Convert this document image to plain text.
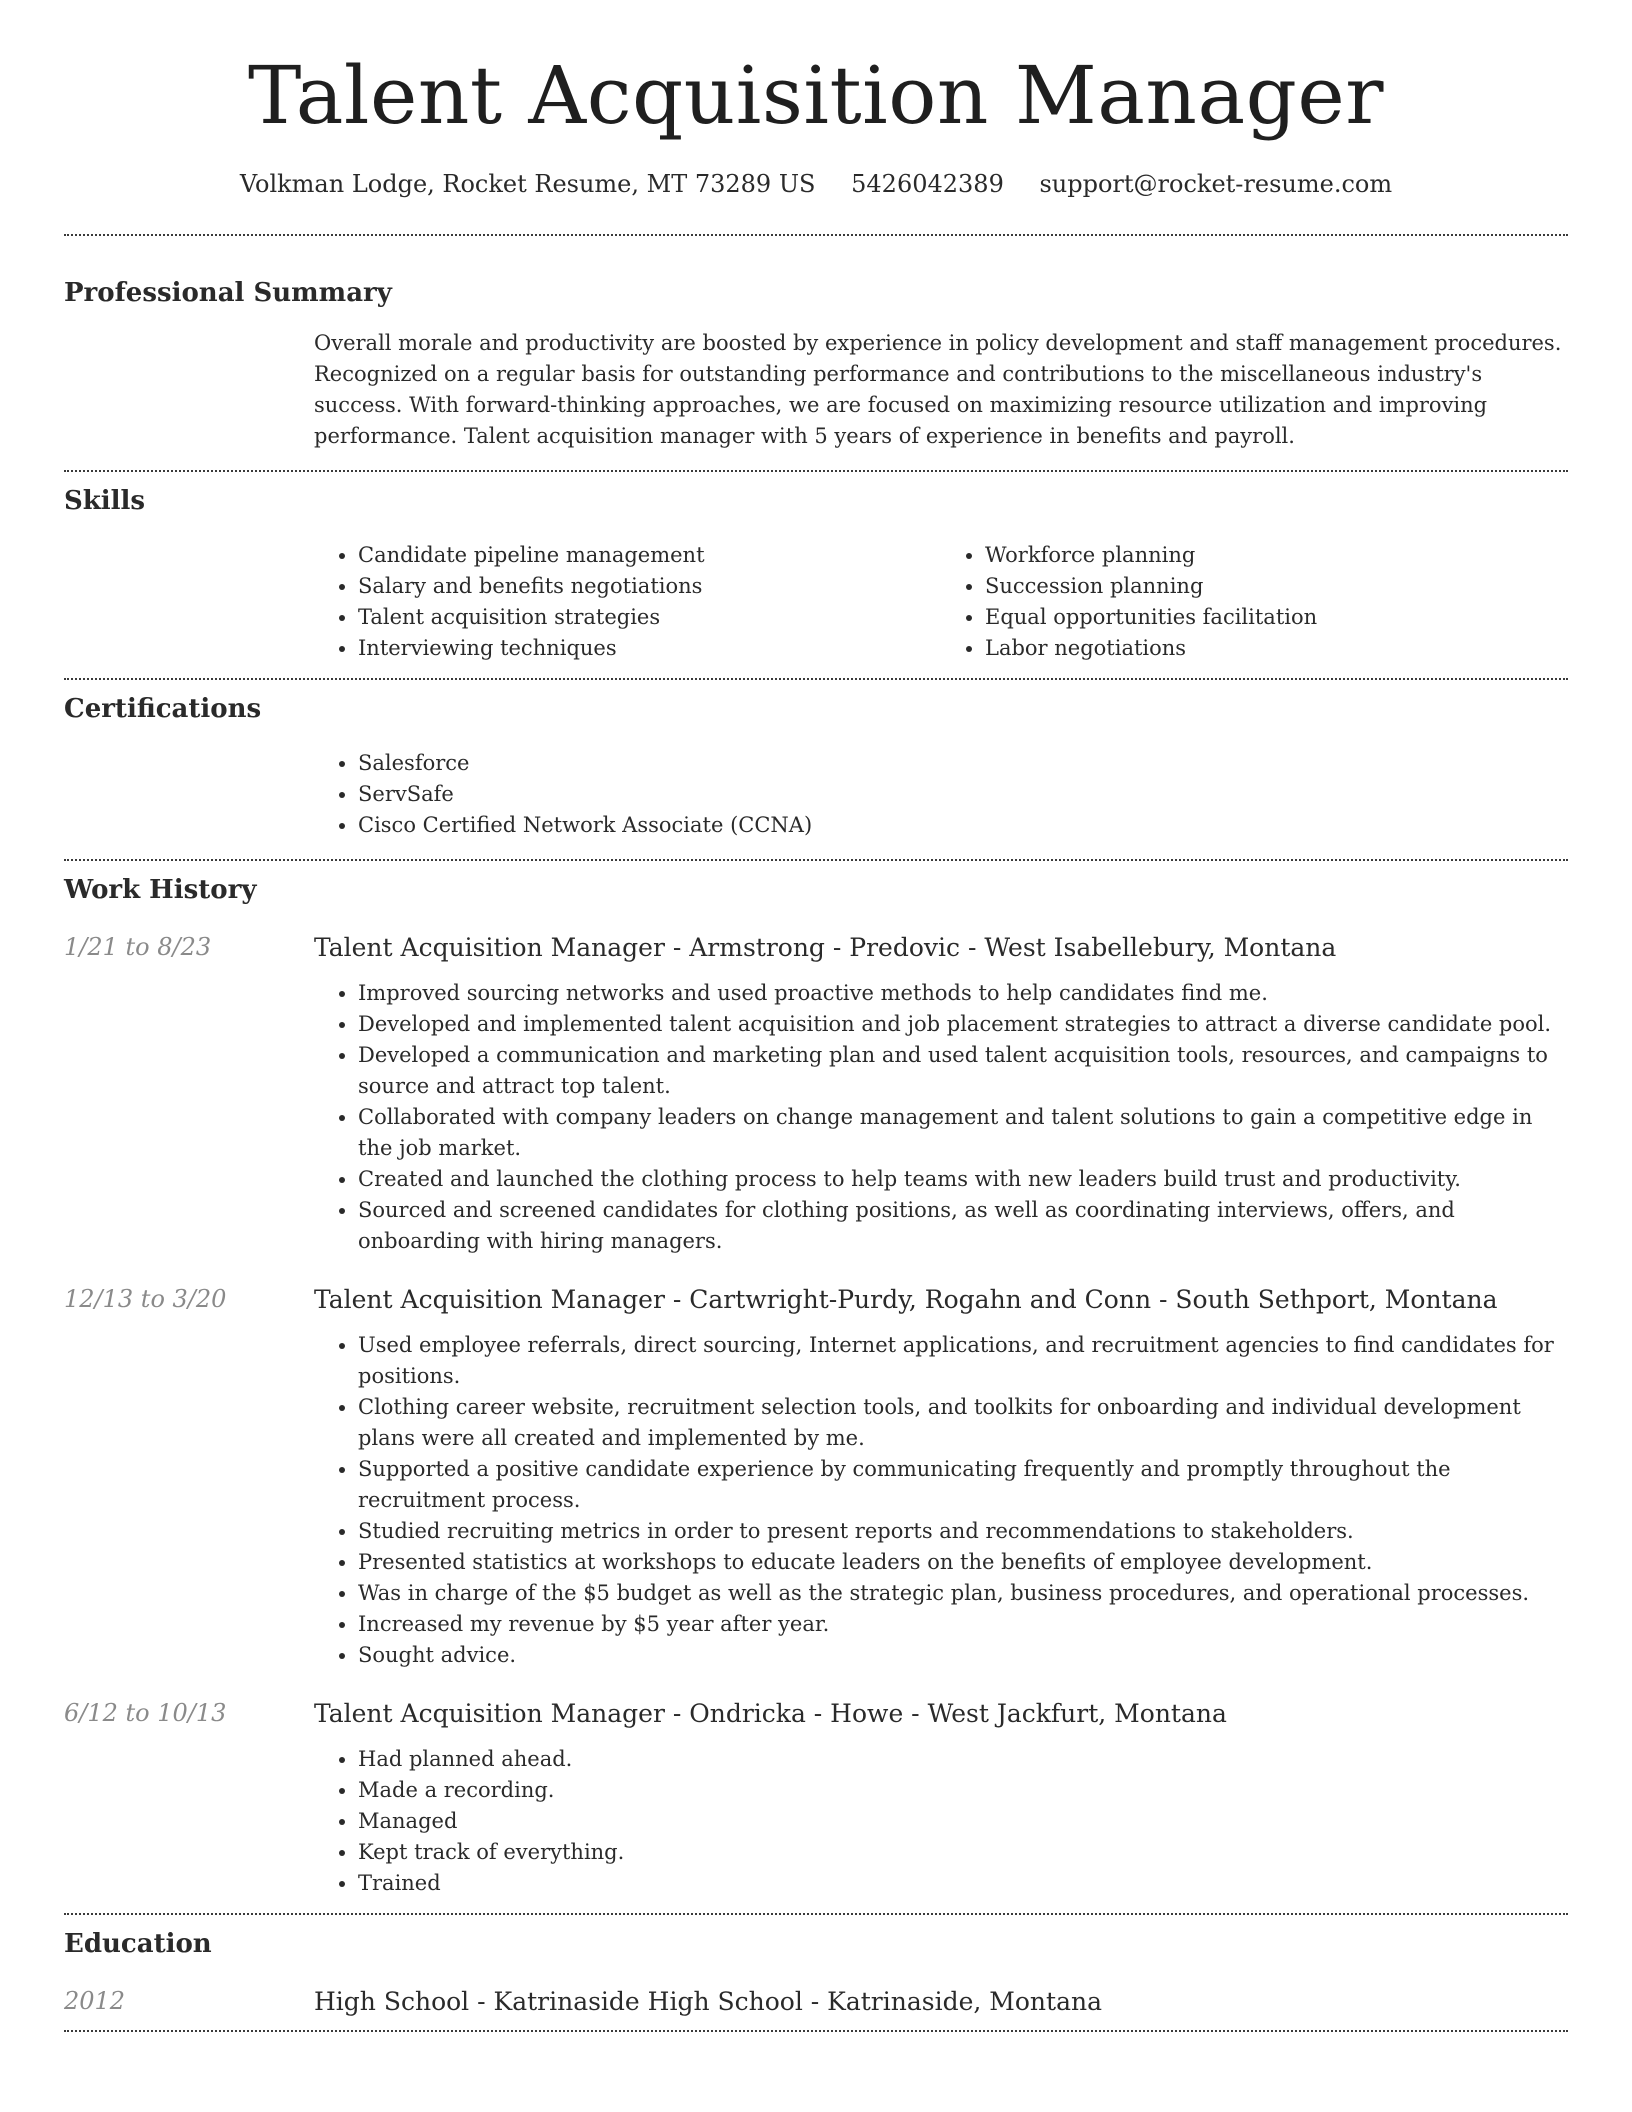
Talent Acquisition Manager
Volkman Lodge, Rocket Resume, MT 73289 US 5426042389 support@rocket-resume.com
Professional Summary

Overall morale and productivity are boosted by experience in policy development and staff management procedures. Recognized on a regular basis for outstanding performance and contributions to the miscellaneous industry's success. With forward-thinking approaches, we are focused on maximizing resource utilization and improving performance. Talent acquisition manager with 5 years of experience in benefits and payroll.

Skills
• Candidate pipeline management
• Salary and benefits negotiations
• Talent acquisition strategies
• Interviewing techniques
• Workforce planning
• Succession planning
• Equal opportunities facilitation
• Labor negotiations
Certifications
• Salesforce
• ServSafe
• Cisco Certified Network Associate (CCNA)
Work History
1/21 to 8/23	Talent Acquisition Manager - Armstrong - Predovic - West Isabellebury, Montana
• Improved sourcing networks and used proactive methods to help candidates find me.
• Developed and implemented talent acquisition and job placement strategies to attract a diverse candidate pool.
• Developed a communication and marketing plan and used talent acquisition tools, resources, and campaigns to source and attract top talent.
• Collaborated with company leaders on change management and talent solutions to gain a competitive edge in the job market.
• Created and launched the clothing process to help teams with new leaders build trust and productivity.
• Sourced and screened candidates for clothing positions, as well as coordinating interviews, offers, and onboarding with hiring managers.
12/13 to 3/20	Talent Acquisition Manager - Cartwright-Purdy, Rogahn and Conn - South Sethport, Montana
• Used employee referrals, direct sourcing, Internet applications, and recruitment agencies to find candidates for positions.
• Clothing career website, recruitment selection tools, and toolkits for onboarding and individual development plans were all created and implemented by me.
• Supported a positive candidate experience by communicating frequently and promptly throughout the recruitment process.
• Studied recruiting metrics in order to present reports and recommendations to stakeholders.
• Presented statistics at workshops to educate leaders on the benefits of employee development.
• Was in charge of the $5 budget as well as the strategic plan, business procedures, and operational processes.
• Increased my revenue by $5 year after year.
• Sought advice.
6/12 to 10/13	Talent Acquisition Manager - Ondricka - Howe - West Jackfurt, Montana
• Had planned ahead.
• Made a recording.
• Managed
• Kept track of everything.
• Trained
Education
2012	High School - Katrinaside High School - Katrinaside, Montana
